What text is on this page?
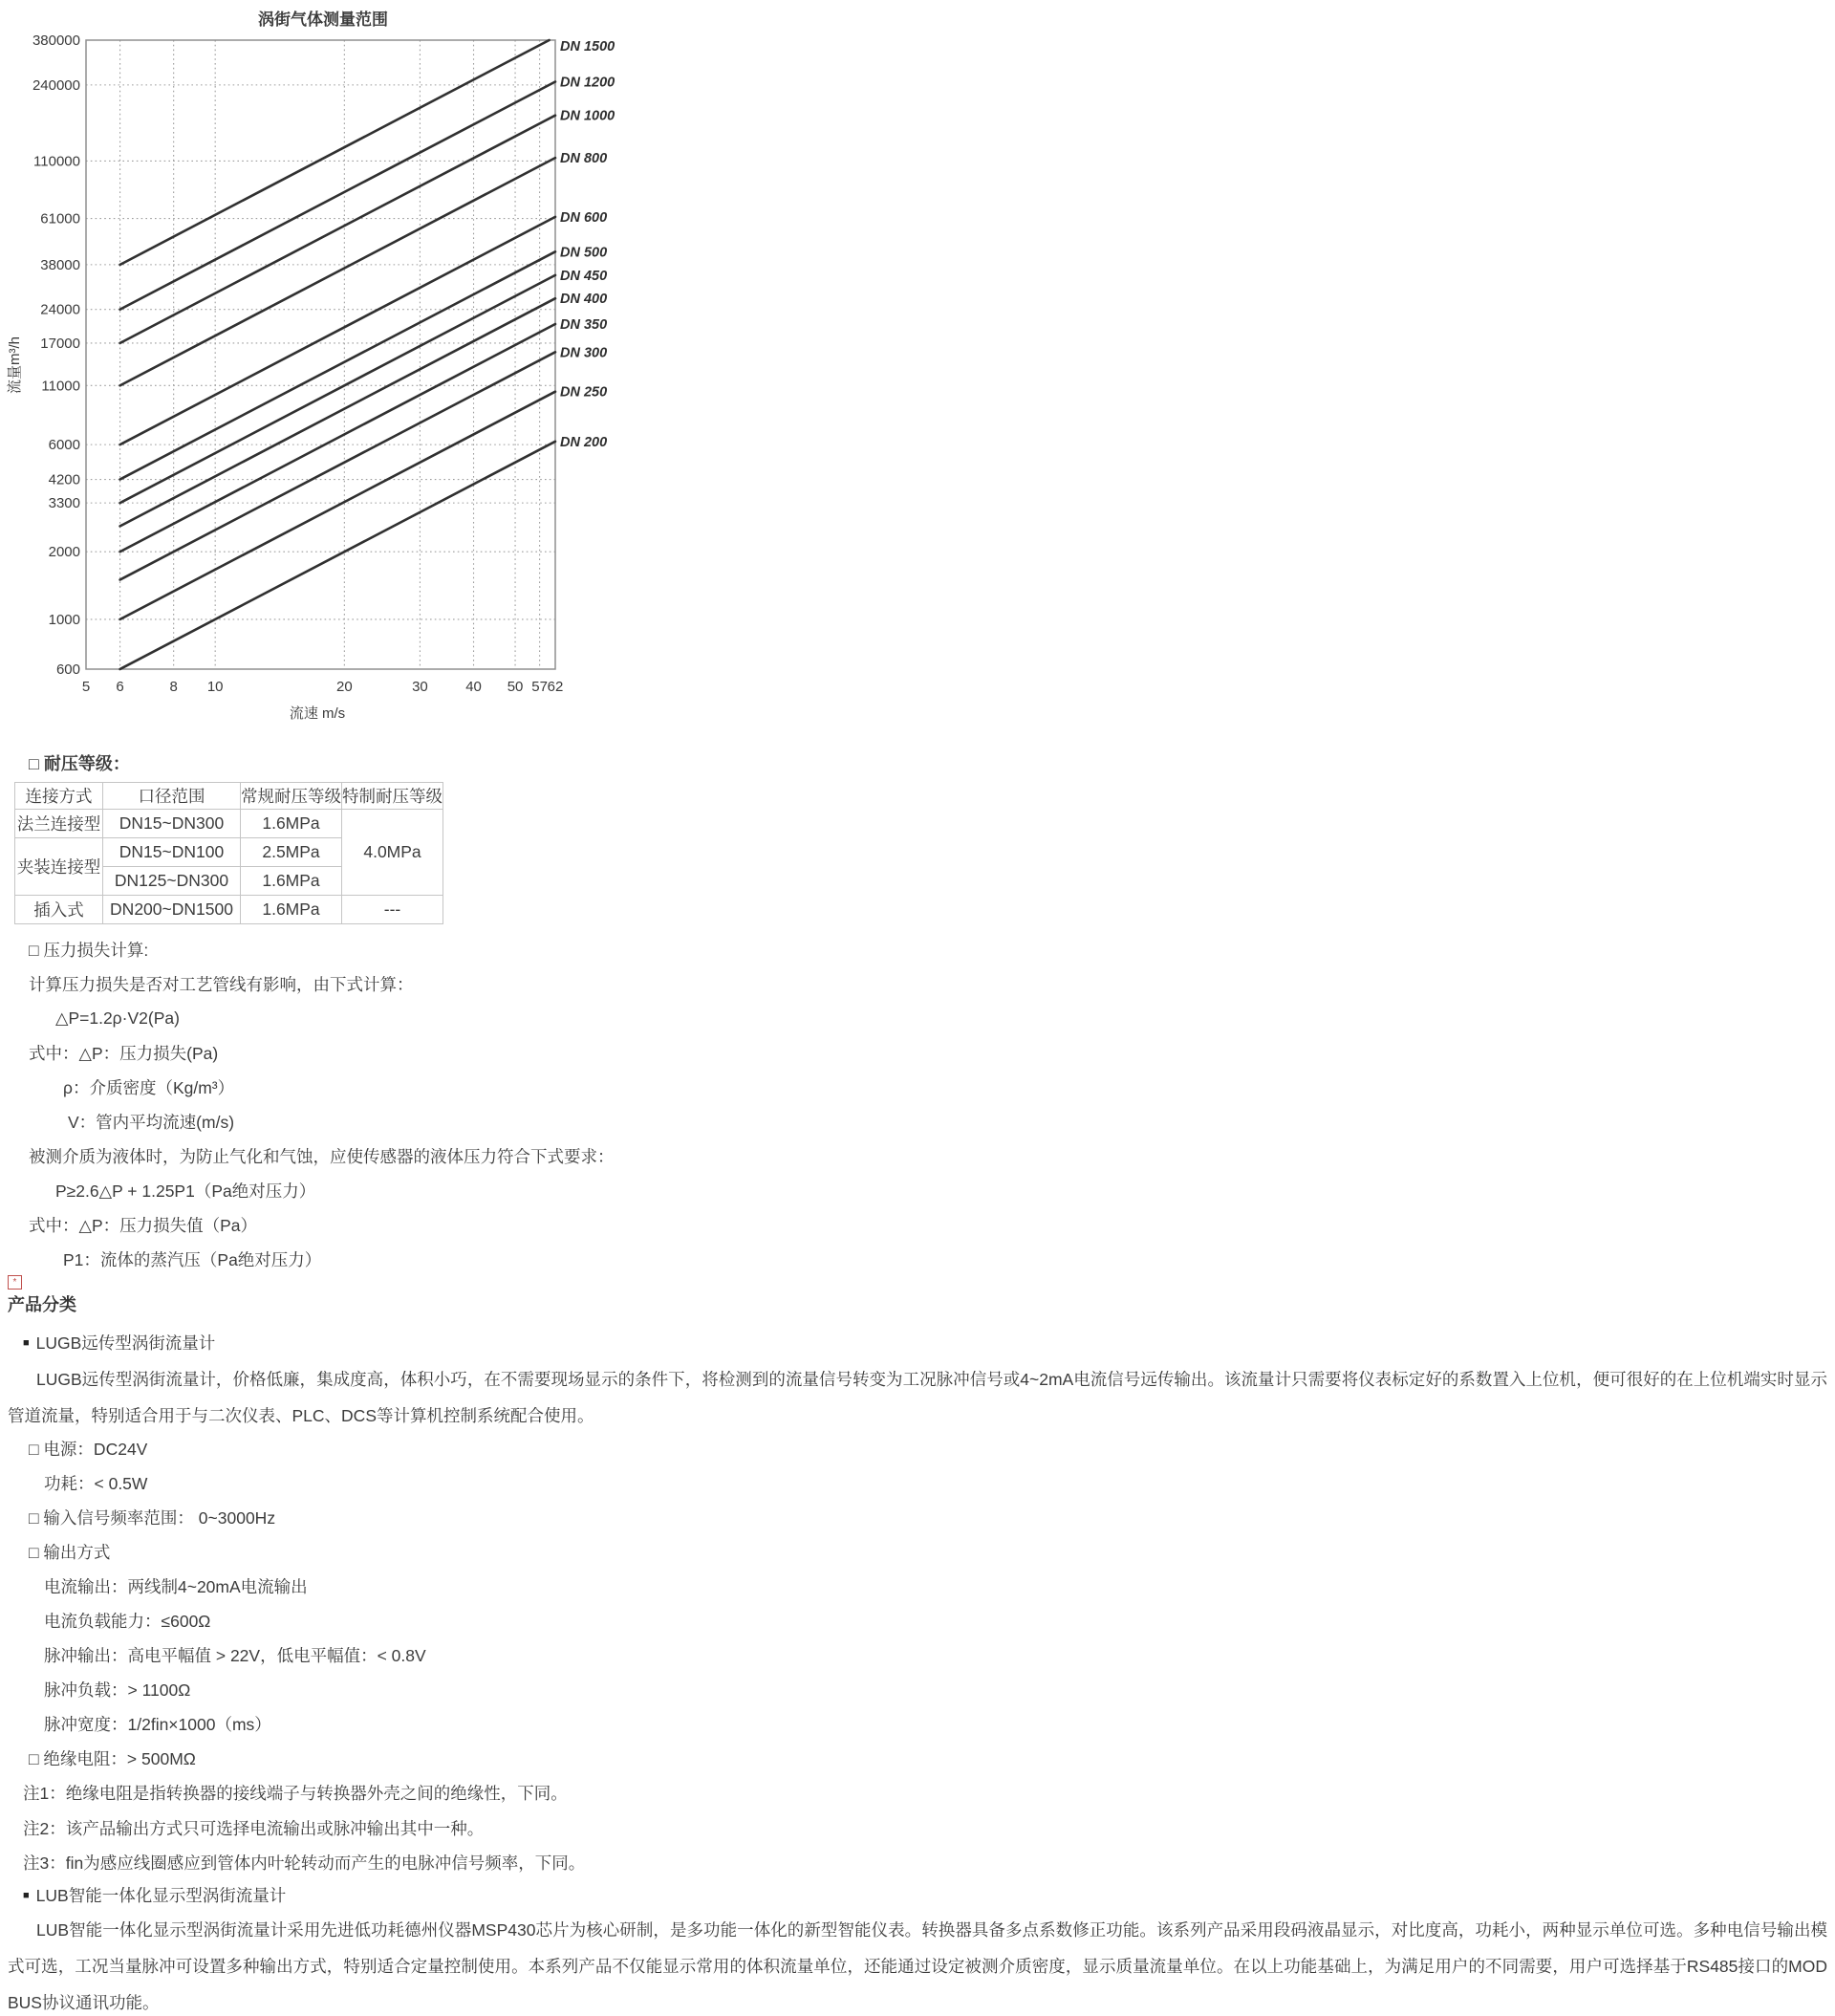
DN 1500
DN 1200
DN 1000
DN 800
DN 600
DN 500
DN 450
DN 400
DN 350
DN 300
DN 250
DN 200
380000
240000
110000
61000
38000
24000
17000
11000
6000
4200
3300
2000
1000
600
5 6	8 10	20	30	40 50 57 62
涡街气体测量范围
流速 m/s
流量m³/h
□ 耐压等级：
连接方式	口径范围	常规耐压等级	特制耐压等级
法兰连接型	DN15~DN300	1.6MPa	4.0MPa
夹装连接型	DN15~DN100	2.5MPa	
	DN125~DN300	1.6MPa	
插入式	DN200~DN1500	1.6MPa	---
□ 压力损失计算:
计算压力损失是否对工艺管线有影响，由下式计算：
△P=1.2ρ·V2(Pa)
式中：△P：压力损失(Pa)
ρ：介质密度（Kg/m³）
V：管内平均流速(m/s)
被测介质为液体时，为防止气化和气蚀，应使传感器的液体压力符合下式要求：
P≥2.6△P + 1.25P1（Pa绝对压力）
式中：△P：压力损失值（Pa）
P1：流体的蒸汽压（Pa绝对压力）
*
产品分类
■ LUGB远传型涡街流量计
LUGB远传型涡街流量计，价格低廉，集成度高，体积小巧，在不需要现场显示的条件下，将检测到的流量信号转变为工况脉冲信号或4~2mA电流信号远传输出。该流量计只需要将仪表标定好的系数置入上位机，便可很好的在上位机端实时显示管道流量，特别适合用于与二次仪表、PLC、DCS等计算机控制系统配合使用。
□ 电源：DC24V
功耗：< 0.5W
□ 输入信号频率范围： 0~3000Hz
□ 输出方式
电流输出：两线制4~20mA电流输出
电流负载能力：≤600Ω
脉冲输出：高电平幅值 > 22V，低电平幅值：< 0.8V
脉冲负载：> 1100Ω
脉冲宽度：1/2fin×1000（ms）
□ 绝缘电阻：> 500MΩ
注1：绝缘电阻是指转换器的接线端子与转换器外壳之间的绝缘性，下同。
注2：该产品输出方式只可选择电流输出或脉冲输出其中一种。
注3：fin为感应线圈感应到管体内叶轮转动而产生的电脉冲信号频率，下同。
■ LUB智能一体化显示型涡街流量计
LUB智能一体化显示型涡街流量计采用先进低功耗德州仪器MSP430芯片为核心研制，是多功能一体化的新型智能仪表。转换器具备多点系数修正功能。该系列产品采用段码液晶显示，对比度高，功耗小，两种显示单位可选。多种电信号输出模式可选，工况当量脉冲可设置多种输出方式，特别适合定量控制使用。本系列产品不仅能显示常用的体积流量单位，还能通过设定被测介质密度，显示质量流量单位。在以上功能基础上，为满足用户的不同需要，用户可选择基于RS485接口的MODBUS协议通讯功能。
